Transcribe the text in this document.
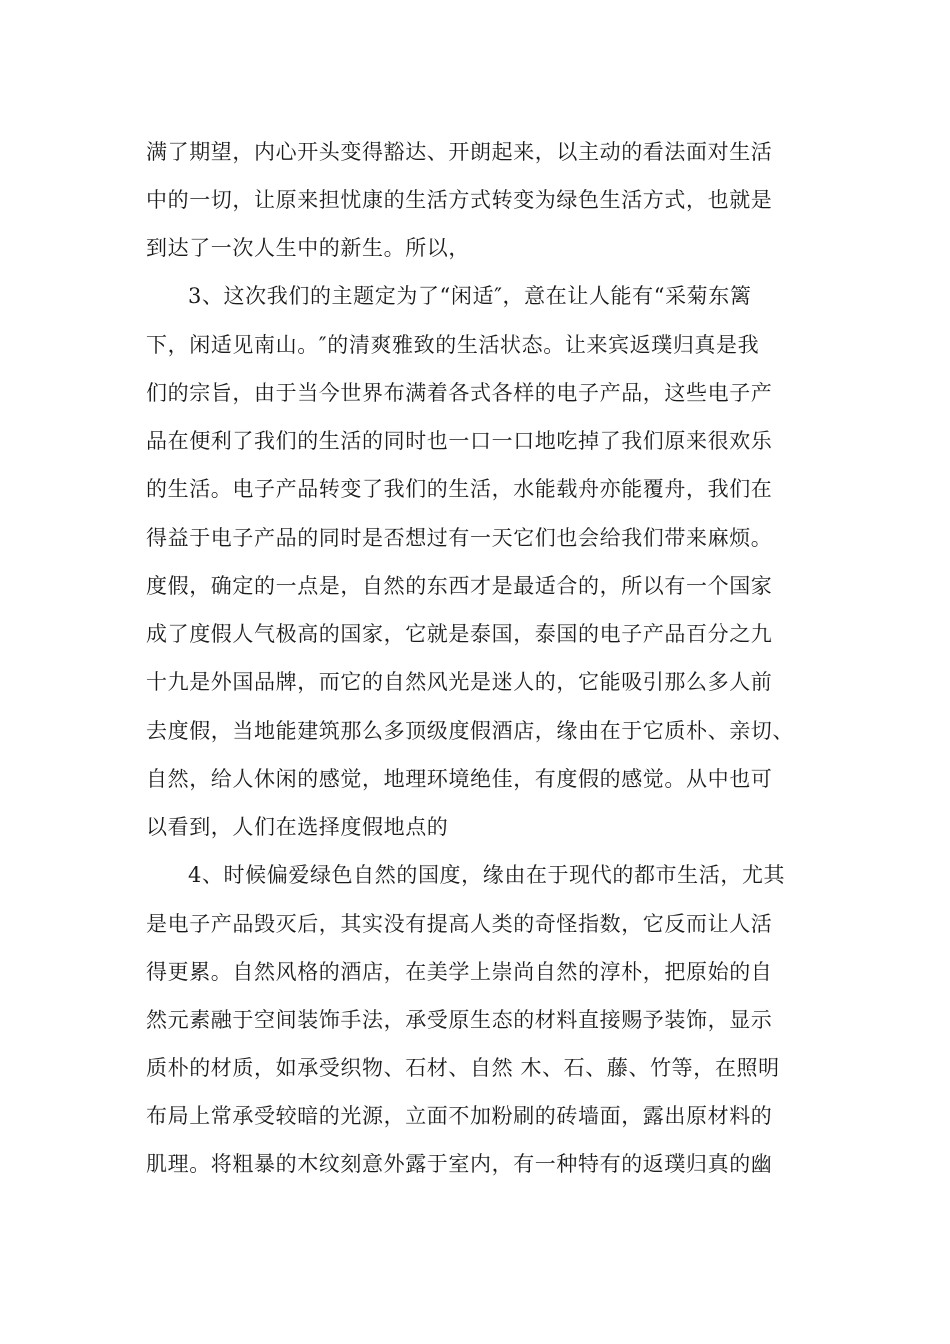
满了期望，内心开头变得豁达、开朗起来，以主动的看法面对生活
中的一切，让原来担忧康的生活方式转变为绿色生活方式，也就是
到达了一次人生中的新生。所以，
3、这次我们的主题定为了“闲适″，意在让人能有“采菊东篱
下，闲适见南山。″的清爽雅致的生活状态。让来宾返璞归真是我
们的宗旨，由于当今世界布满着各式各样的电子产品，这些电子产
品在便利了我们的生活的同时也一口一口地吃掉了我们原来很欢乐
的生活。电子产品转变了我们的生活，水能载舟亦能覆舟，我们在
得益于电子产品的同时是否想过有一天它们也会给我们带来麻烦。
度假，确定的一点是，自然的东西才是最适合的，所以有一个国家
成了度假人气极高的国家，它就是泰国，泰国的电子产品百分之九
十九是外国品牌，而它的自然风光是迷人的，它能吸引那么多人前
去度假，当地能建筑那么多顶级度假酒店，缘由在于它质朴、亲切、
自然，给人休闲的感觉，地理环境绝佳，有度假的感觉。从中也可
以看到，人们在选择度假地点的
4、时候偏爱绿色自然的国度，缘由在于现代的都市生活，尤其
是电子产品毁灭后，其实没有提高人类的奇怪指数，它反而让人活
得更累。自然风格的酒店，在美学上崇尚自然的淳朴，把原始的自
然元素融于空间装饰手法，承受原生态的材料直接赐予装饰，显示
质朴的材质，如承受织物、石材、自然 木、石、藤、竹等，在照明
布局上常承受较暗的光源，立面不加粉刷的砖墙面，露出原材料的
肌理。将粗暴的木纹刻意外露于室内，有一种特有的返璞归真的幽
